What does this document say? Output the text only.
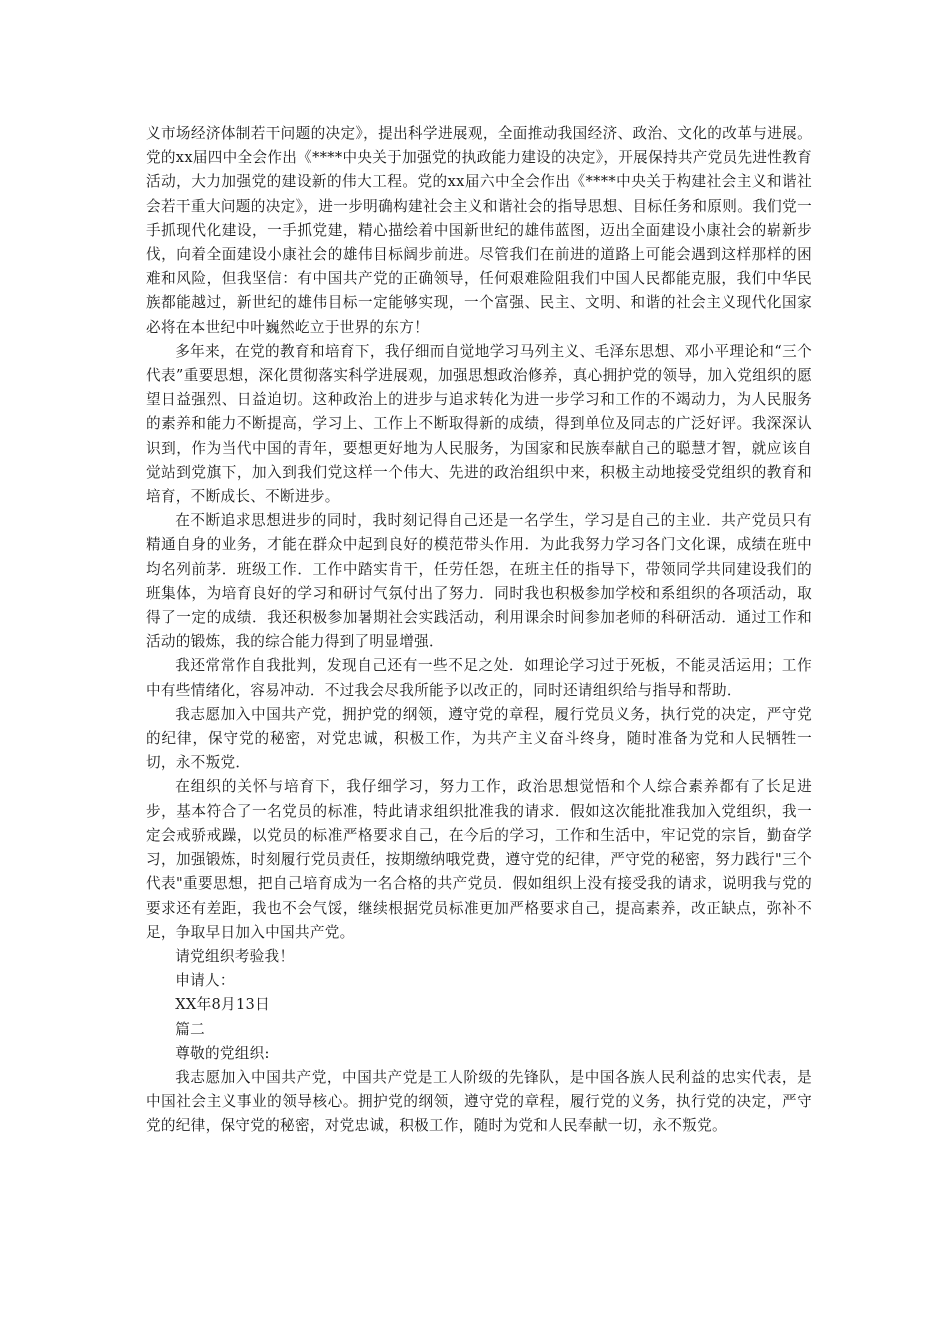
义市场经济体制若干问题的决定》，提出科学进展观，全面推动我国经济、政治、文化的改革与进展。党的xx届四中全会作出《****中央关于加强党的执政能力建设的决定》，开展保持共产党员先进性教育活动，大力加强党的建设新的伟大工程。党的xx届六中全会作出《****中央关于构建社会主义和谐社会若干重大问题的决定》，进一步明确构建社会主义和谐社会的指导思想、目标任务和原则。我们党一手抓现代化建设，一手抓党建，精心描绘着中国新世纪的雄伟蓝图，迈出全面建设小康社会的崭新步伐，向着全面建设小康社会的雄伟目标阔步前进。尽管我们在前进的道路上可能会遇到这样那样的困难和风险，但我坚信：有中国共产党的正确领导，任何艰难险阻我们中国人民都能克服，我们中华民族都能越过，新世纪的雄伟目标一定能够实现，一个富强、民主、文明、和谐的社会主义现代化国家必将在本世纪中叶巍然屹立于世界的东方！

多年来，在党的教育和培育下，我仔细而自觉地学习马列主义、毛泽东思想、邓小平理论和“三个代表”重要思想，深化贯彻落实科学进展观，加强思想政治修养，真心拥护党的领导，加入党组织的愿望日益强烈、日益迫切。这种政治上的进步与追求转化为进一步学习和工作的不竭动力，为人民服务的素养和能力不断提高，学习上、工作上不断取得新的成绩，得到单位及同志的广泛好评。我深深认识到，作为当代中国的青年，要想更好地为人民服务，为国家和民族奉献自己的聪慧才智，就应该自觉站到党旗下，加入到我们党这样一个伟大、先进的政治组织中来，积极主动地接受党组织的教育和培育，不断成长、不断进步。

在不断追求思想进步的同时，我时刻记得自己还是一名学生，学习是自己的主业．共产党员只有精通自身的业务，才能在群众中起到良好的模范带头作用．为此我努力学习各门文化课，成绩在班中均名列前茅．班级工作．工作中踏实肯干，任劳任怨，在班主任的指导下，带领同学共同建设我们的班集体，为培育良好的学习和研讨气氛付出了努力．同时我也积极参加学校和系组织的各项活动，取得了一定的成绩．我还积极参加暑期社会实践活动，利用课余时间参加老师的科研活动．通过工作和活动的锻炼，我的综合能力得到了明显增强．

我还常常作自我批判，发现自己还有一些不足之处．如理论学习过于死板，不能灵活运用；工作中有些情绪化，容易冲动．不过我会尽我所能予以改正的，同时还请组织给与指导和帮助．

我志愿加入中国共产党，拥护党的纲领，遵守党的章程，履行党员义务，执行党的决定，严守党的纪律，保守党的秘密，对党忠诚，积极工作，为共产主义奋斗终身，随时准备为党和人民牺牲一切，永不叛党．

在组织的关怀与培育下，我仔细学习，努力工作，政治思想觉悟和个人综合素养都有了长足进步，基本符合了一名党员的标准，特此请求组织批准我的请求．假如这次能批准我加入党组织，我一定会戒骄戒躁，以党员的标准严格要求自己，在今后的学习，工作和生活中，牢记党的宗旨，勤奋学习，加强锻炼，时刻履行党员责任，按期缴纳哦党费，遵守党的纪律，严守党的秘密，努力践行"三个代表"重要思想，把自己培育成为一名合格的共产党员．假如组织上没有接受我的请求，说明我与党的要求还有差距，我也不会气馁，继续根据党员标准更加严格要求自己，提高素养，改正缺点，弥补不足，争取早日加入中国共产党。

请党组织考验我！

申请人：

XX年8月13日

篇二

尊敬的党组织:

我志愿加入中国共产党，中国共产党是工人阶级的先锋队，是中国各族人民利益的忠实代表，是中国社会主义事业的领导核心。拥护党的纲领，遵守党的章程，履行党的义务，执行党的决定，严守党的纪律，保守党的秘密，对党忠诚，积极工作，随时为党和人民奉献一切，永不叛党。
